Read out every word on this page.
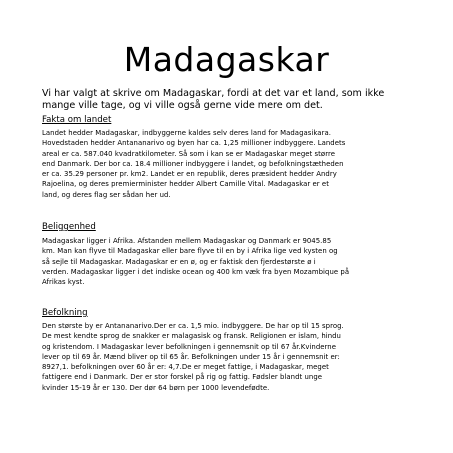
Madagaskar
Vi har valgt at skrive om Madagaskar, fordi at det var et land, som ikke
mange ville tage, og vi ville også gerne vide mere om det.
Fakta om landet
Landet hedder Madagaskar, indbyggerne kaldes selv deres land for Madagasikara.
Hovedstaden hedder Antananarivo og byen har ca. 1,25 millioner indbyggere. Landets
areal er ca. 587.040 kvadratkilometer. Så som i kan se er Madagaskar meget større
end Danmark. Der bor ca. 18.4 millioner indbyggere i landet, og befolkningstætheden
er ca. 35.29 personer pr. km2. Landet er en republik, deres præsident hedder Andry
Rajoelina, og deres premierminister hedder Albert Camille Vital. Madagaskar er et
land, og deres flag ser sådan her ud.
Beliggenhed
Madagaskar ligger i Afrika. Afstanden mellem Madagaskar og Danmark er 9045.85
km. Man kan flyve til Madagaskar eller bare flyve til en by i Afrika lige ved kysten og
så sejle til Madagaskar. Madagaskar er en ø, og er faktisk den fjerdestørste ø i
verden. Madagaskar ligger i det indiske ocean og 400 km væk fra byen Mozambique på
Afrikas kyst.
Befolkning
Den største by er Antananarivo.Der er ca. 1,5 mio. indbyggere. De har op til 15 sprog.
De mest kendte sprog de snakker er malagasisk og fransk. Religionen er islam, hindu
og kristendom. I Madagaskar lever befolkningen i gennemsnit op til 67 år.Kvinderne
lever op til 69 år. Mænd bliver op til 65 år. Befolkningen under 15 år i gennemsnit er:
8927,1. befolkningen over 60 år er: 4,7.De er meget fattige, i Madagaskar, meget
fattigere end i Danmark. Der er stor forskel på rig og fattig. Fødsler blandt unge
kvinder 15-19 år er 130. Der dør 64 børn per 1000 levendefødte.
